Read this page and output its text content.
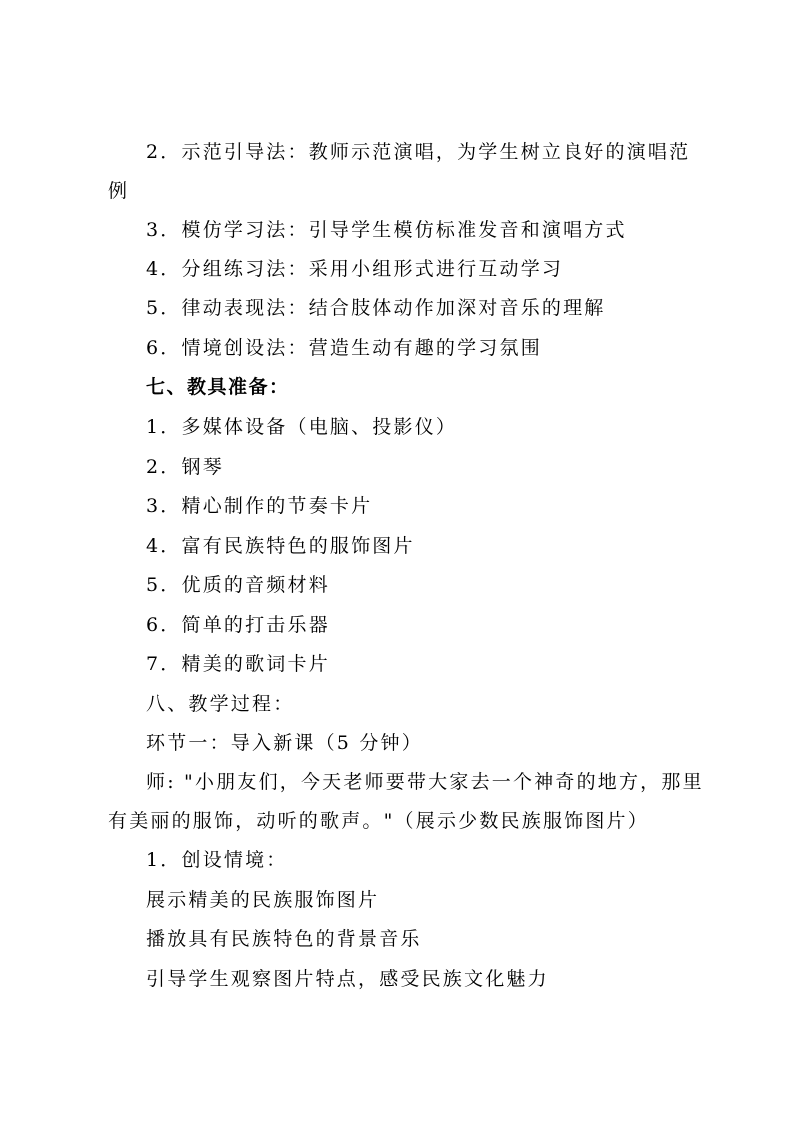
2．示范引导法：教师示范演唱，为学生树立良好的演唱范
例
3．模仿学习法：引导学生模仿标准发音和演唱方式
4．分组练习法：采用小组形式进行互动学习
5．律动表现法：结合肢体动作加深对音乐的理解
6．情境创设法：营造生动有趣的学习氛围
七、教具准备：
1．多媒体设备（电脑、投影仪）
2．钢琴
3．精心制作的节奏卡片
4．富有民族特色的服饰图片
5．优质的音频材料
6．简单的打击乐器
7．精美的歌词卡片
八、教学过程：
环节一：导入新课（5 分钟）
师: "小朋友们，今天老师要带大家去一个神奇的地方，那里
有美丽的服饰，动听的歌声。"（展示少数民族服饰图片）
1．创设情境：
展示精美的民族服饰图片
播放具有民族特色的背景音乐
引导学生观察图片特点，感受民族文化魅力
